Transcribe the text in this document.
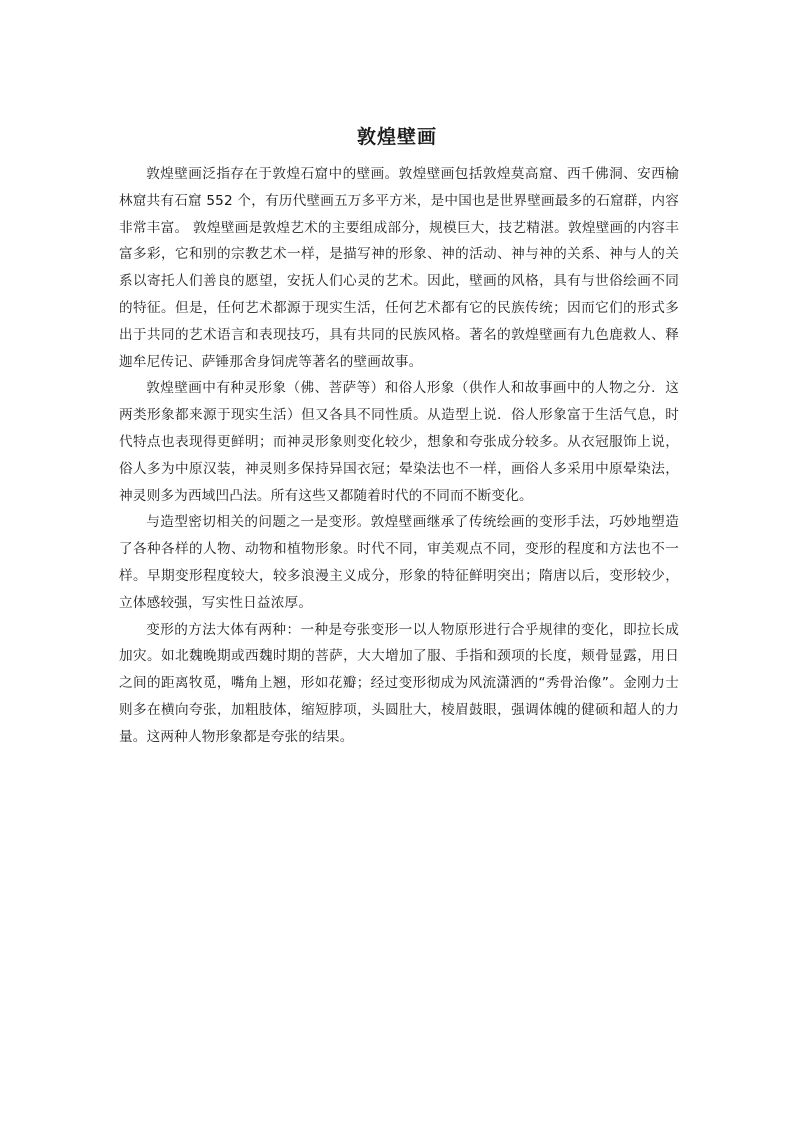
敦煌壁画

敦煌壁画泛指存在于敦煌石窟中的壁画。敦煌壁画包括敦煌莫高窟、西千佛洞、安西榆林窟共有石窟 552 个，有历代壁画五万多平方米，是中国也是世界壁画最多的石窟群，内容非常丰富。 敦煌壁画是敦煌艺术的主要组成部分，规模巨大，技艺精湛。敦煌壁画的内容丰富多彩，它和别的宗教艺术一样，是描写神的形象、神的活动、神与神的关系、神与人的关系以寄托人们善良的愿望，安抚人们心灵的艺术。因此，壁画的风格，具有与世俗绘画不同的特征。但是，任何艺术都源于现实生活，任何艺术都有它的民族传统；因而它们的形式多出于共同的艺术语言和表现技巧，具有共同的民族风格。著名的敦煌壁画有九色鹿救人、释迦牟尼传记、萨锤那舍身饲虎等著名的壁画故事。

敦煌壁画中有种灵形象（佛、菩萨等）和俗人形象（供作人和故事画中的人物之分．这两类形象都来源于现实生活）但又各具不同性质。从造型上说．俗人形象富于生活气息，时代特点也表现得更鲜明；而神灵形象则变化较少，想象和夸张成分较多。从衣冠服饰上说，俗人多为中原汉装，神灵则多保持异国衣冠；晕染法也不一样，画俗人多采用中原晕染法，神灵则多为西域凹凸法。所有这些又都随着时代的不同而不断变化。

与造型密切相关的问题之一是变形。敦煌壁画继承了传统绘画的变形手法，巧妙地塑造了各种各样的人物、动物和植物形象。时代不同，审美观点不同，变形的程度和方法也不一样。早期变形程度较大，较多浪漫主义成分，形象的特征鲜明突出；隋唐以后，变形较少，立体感较强，写实性日益浓厚。

变形的方法大体有两种：一种是夸张变形一以人物原形进行合乎规律的变化，即拉长成加灾。如北魏晚期或西魏时期的菩萨，大大增加了服、手指和颈项的长度，颊骨显露，用日之间的距离牧觅，嘴角上翘，形如花瓣；经过变形彻成为风流潇洒的“秀骨治像”。金刚力士则多在横向夸张，加粗肢体，缩短脖项，头圆肚大，棱眉鼓眼，强调体魄的健硕和超人的力量。这两种人物形象都是夸张的结果。
